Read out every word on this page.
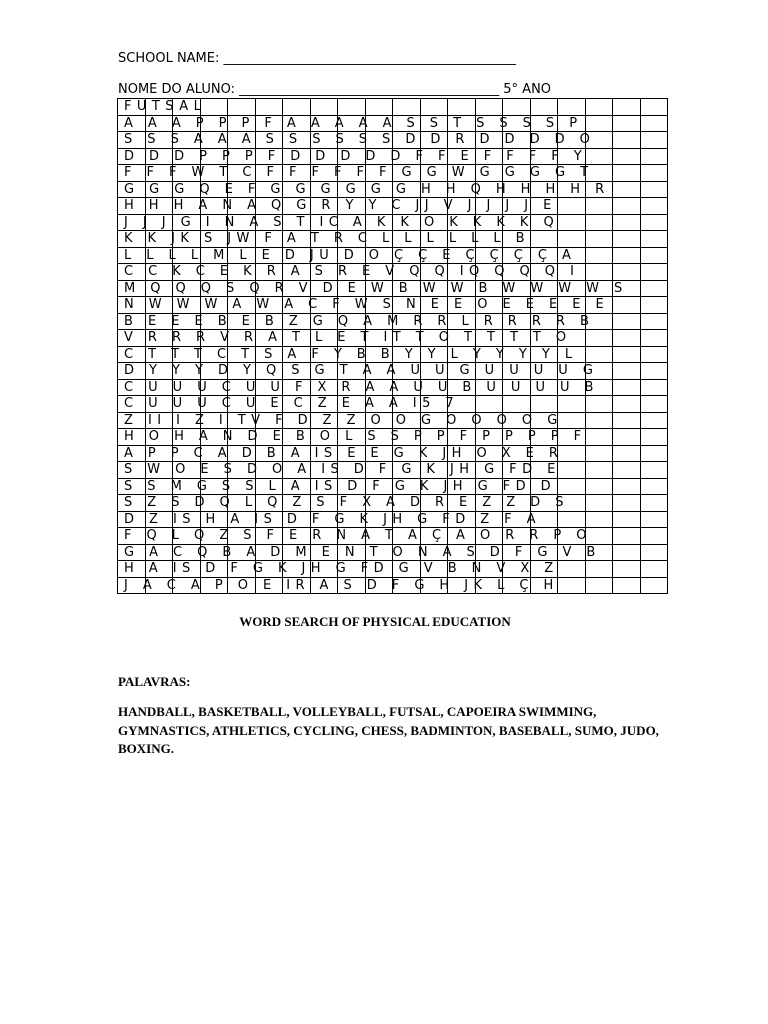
SCHOOL NAME: _____________________________________________
NOME DO ALUNO: ________________________________________ 5° ANO
FUTSAL
A A A P P P F A A A A A S S T S S S S P
S S S A A A S S S S S S D D R D D D D O
D D D P P P F D D D D D F F E F F F F Y
F F F W T C F F F F F F G G W G G G G T
G G G Q E F G G G G G G H H Q H H H H R
H H H A N A Q G R Y Y C JJ V J J J J E
J J J G I N A S T IC A K K O K K K K Q
K K JK S JW F A T R C L L L L L L B
L L L L M L E D JU D O Ç Ç E Ç Ç Ç Ç A
C C K C E K R A S R E V Q Q IQ Q Q Q I
M Q Q Q S Q R V D E W B W W B W W W W S
N W W W A W A C F W S N E E O E E E E E
B E E E B E B Z G Q A M R R L R R R R B
V R R R V R A T L E T IT T O T T T T O
C T T T C T S A F Y B B Y Y L Y Y Y Y L
D Y Y Y D Y Q S G T A A U U G U U U U G
C U U U C U U F X R A A U U B U U U U B
C U U U C U E C Z E A A I5 7
Z II I Z I TV F D Z Z O O G O O O O G
H O H A N D E B O L S S P P F P P P P F
A P P C A D B A IS E E G K JH O X E R
S W O E S D O A IS D F G K JH G FD E
S S M G S S L A IS D F G K JH G FD D
S Z S D Q L Q Z S F X A D R E Z Z D S
D Z IS H A IS D F G K JH G FD Z F A
F Q L Q Z S F E R N A T A Ç A O R R P O
G A C Q B A D M E N T O N A S D F G V B
H A IS D F G K JH G FD G V B N V X Z
J A C A P O E IR A S D F G H JK L Ç H
WORD SEARCH OF PHYSICAL EDUCATION
PALAVRAS:
HANDBALL, BASKETBALL, VOLLEYBALL, FUTSAL, CAPOEIRA SWIMMING, GYMNASTICS, ATHLETICS, CYCLING, CHESS, BADMINTON, BASEBALL, SUMO, JUDO, BOXING.
